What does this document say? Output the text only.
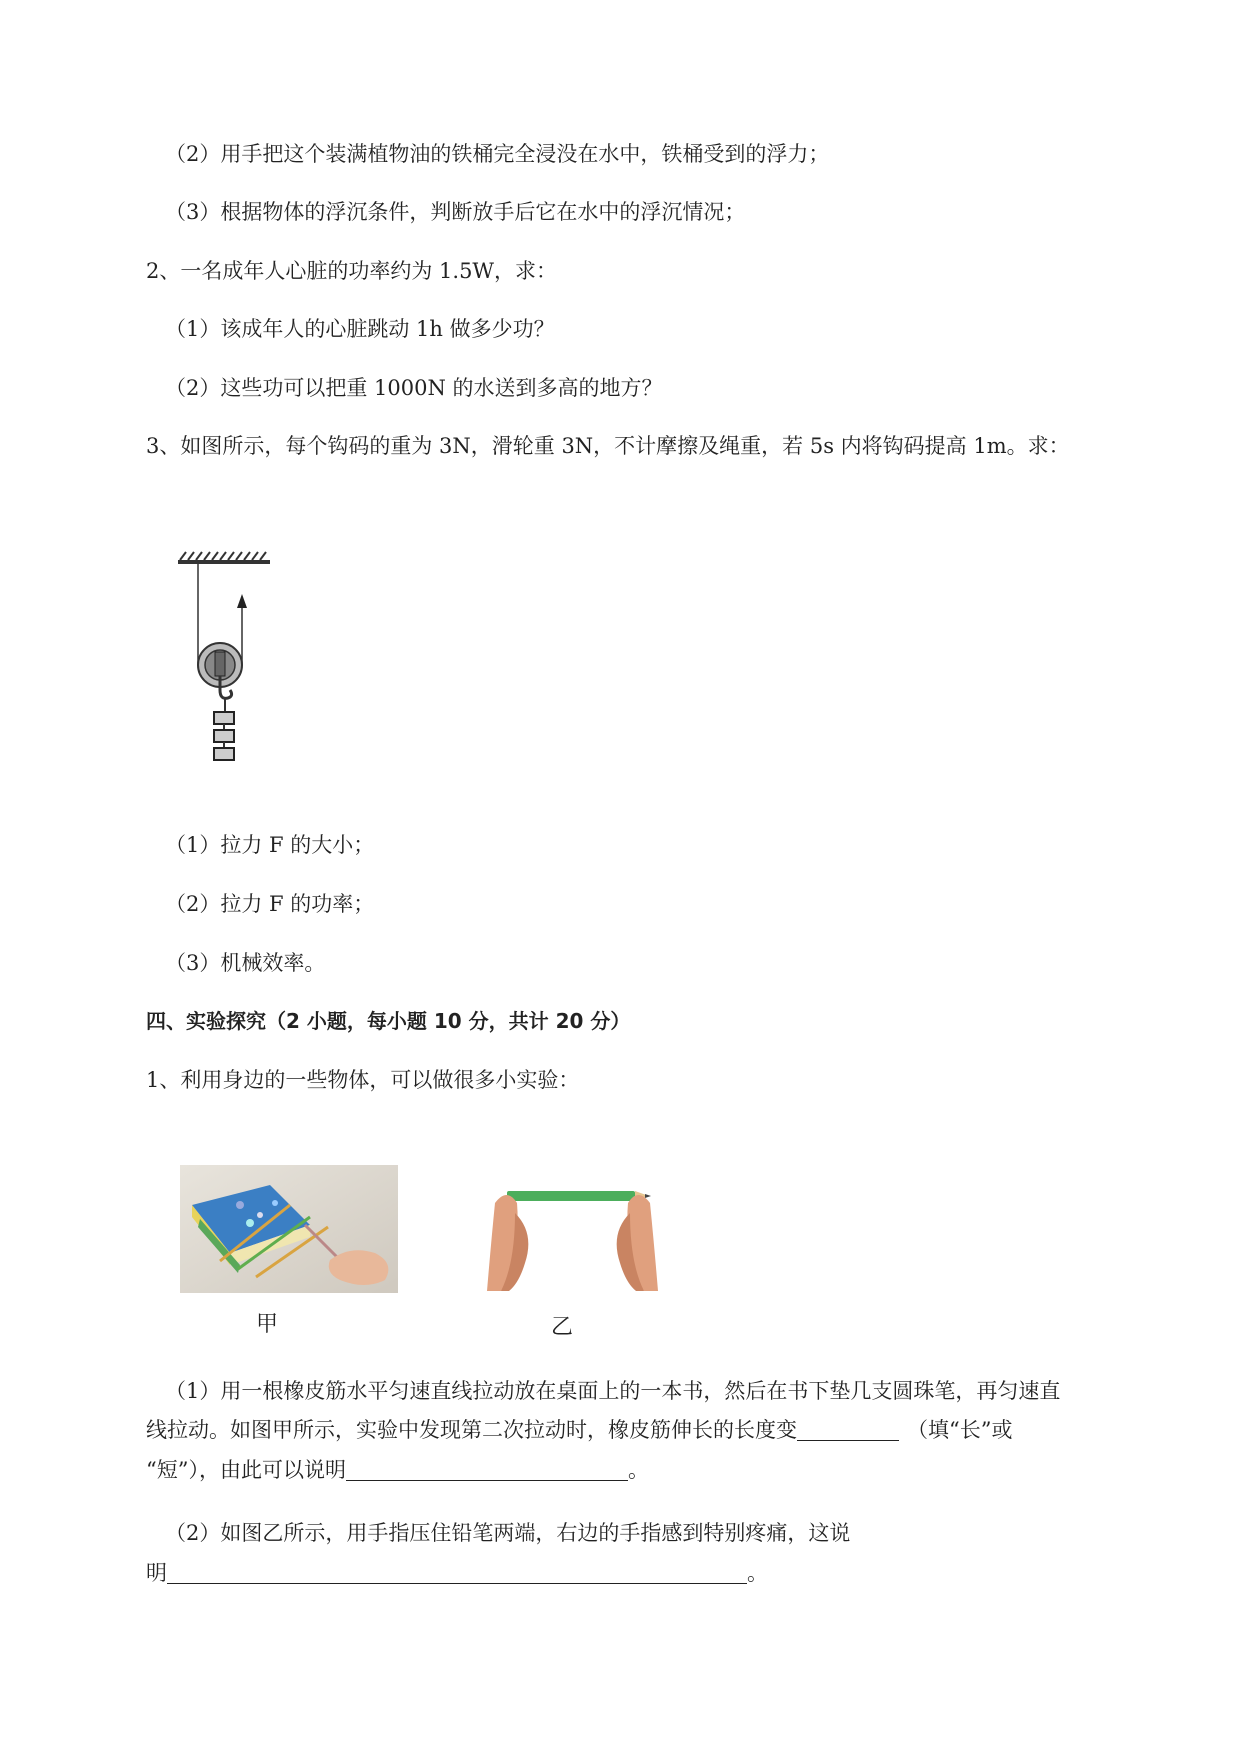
（2）用手把这个装满植物油的铁桶完全浸没在水中，铁桶受到的浮力；
（3）根据物体的浮沉条件，判断放手后它在水中的浮沉情况；
2、一名成年人心脏的功率约为 1.5W，求：
（1）该成年人的心脏跳动 1h 做多少功？
（2）这些功可以把重 1000N 的水送到多高的地方？
3、如图所示，每个钩码的重为 3N，滑轮重 3N，不计摩擦及绳重，若 5s 内将钩码提高 1m。求：
（1）拉力 F 的大小；
（2）拉力 F 的功率；
（3）机械效率。
四、实验探究（2 小题，每小题 10 分，共计 20 分）
1、利用身边的一些物体，可以做很多小实验：
甲	乙
（1）用一根橡皮筋水平匀速直线拉动放在桌面上的一本书，然后在书下垫几支圆珠笔，再匀速直
线拉动。如图甲所示，实验中发现第二次拉动时，橡皮筋伸长的长度变	（填“长”或
“短”），由此可以说明	。
（2）如图乙所示，用手指压住铅笔两端，右边的手指感到特别疼痛，这说
明	。
